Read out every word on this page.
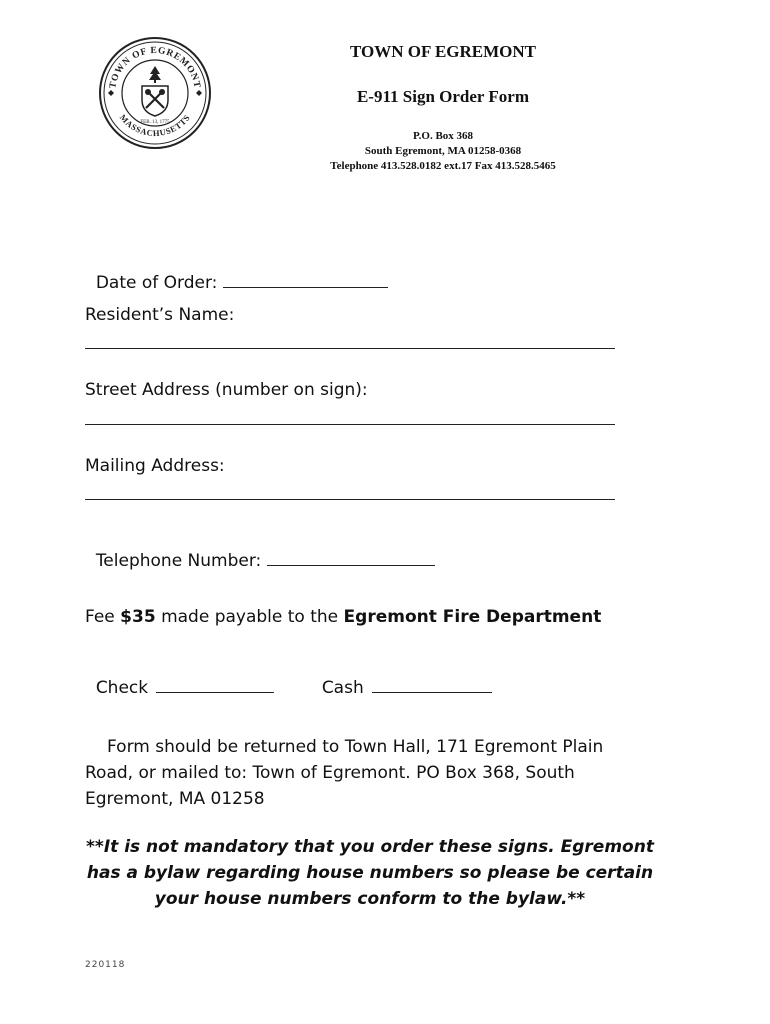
TOWN OF EGREMONT
MASSACHUSETTS
FEB. 13, 1775
TOWN OF EGREMONT
E-911 Sign Order Form
P.O. Box 368
South Egremont, MA 01258-0368
Telephone 413.528.0182 ext.17 Fax 413.528.5465

Date of Order:

Resident’s Name:
Street Address (number on sign):
Mailing Address:

Telephone Number:

Fee $35 made payable to the Egremont Fire Department

Check	Cash

Form should be returned to Town Hall, 171 Egremont Plain Road, or mailed to: Town of Egremont. PO Box 368, South Egremont, MA 01258
**It is not mandatory that you order these signs. Egremont has a bylaw regarding house numbers so please be certain your house numbers conform to the bylaw.**
220118
